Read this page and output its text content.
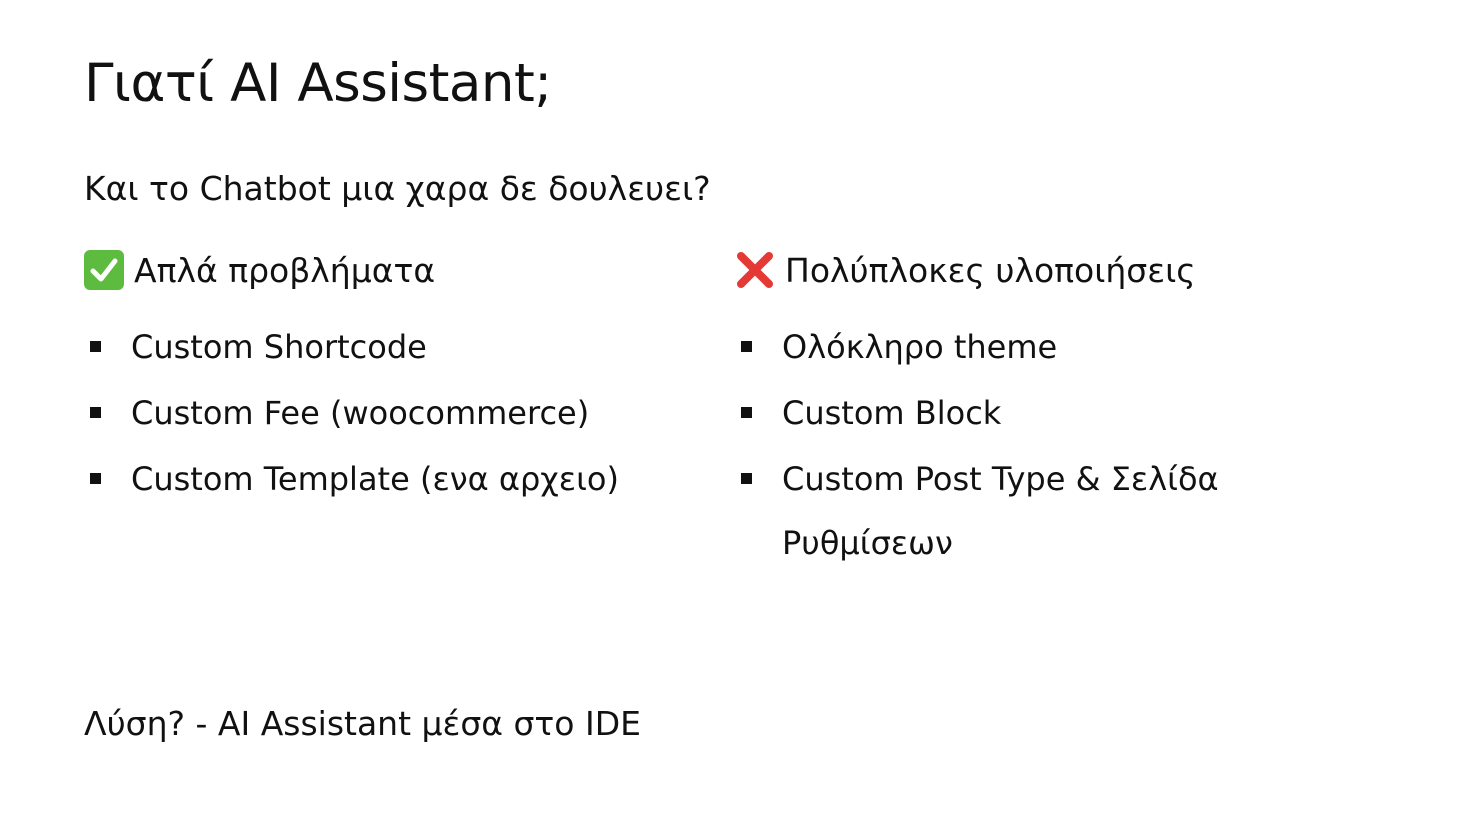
Γιατί AI Assistant;

Και το Chatbot μια χαρα δε δουλευει?

Απλά προβλήματα
Custom Shortcode
Custom Fee (woocommerce)
Custom Template (ενα αρχειο)
Πολύπλοκες υλοποιήσεις
Ολόκληρο theme
Custom Block
Custom Post Type & Σελίδα Ρυθμίσεων

Λύση? - AI Assistant μέσα στο IDE
